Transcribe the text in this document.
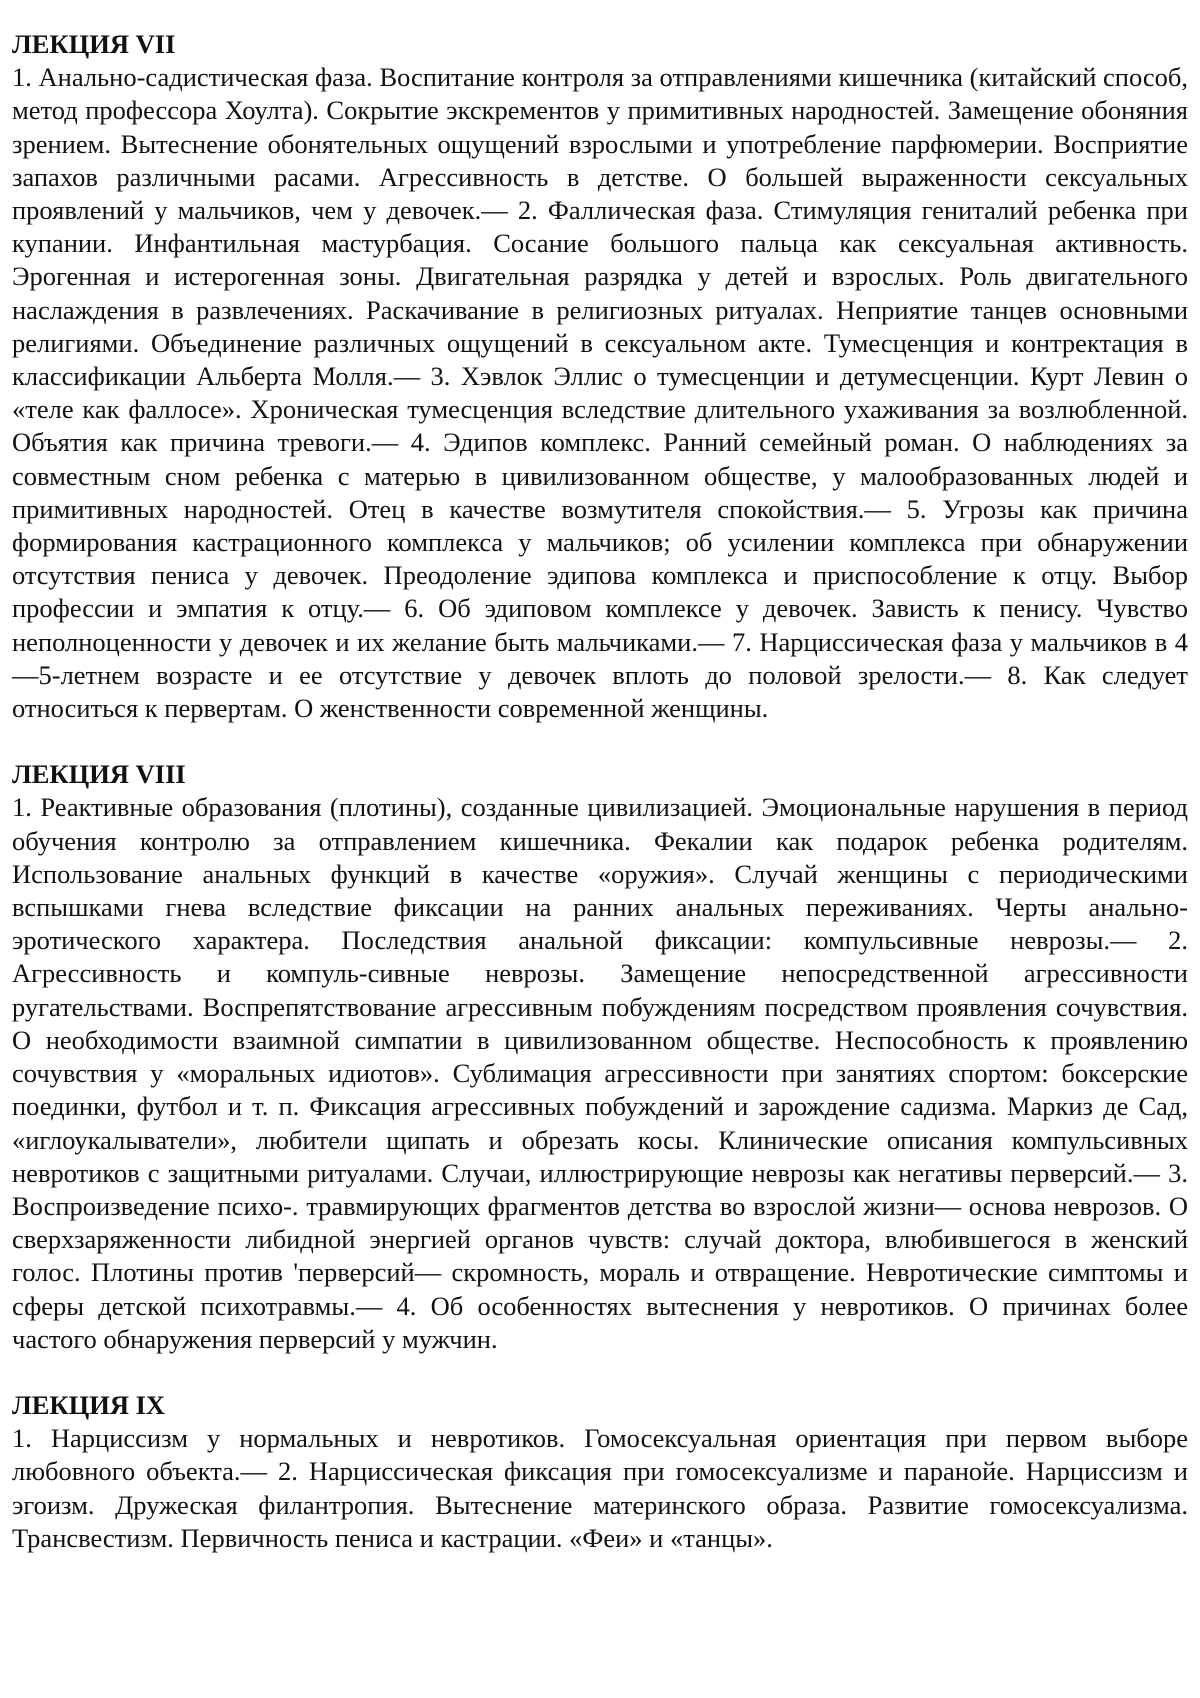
ЛЕКЦИЯ VII
1. Анально-садистическая фаза. Воспитание контроля за отправлениями кишечника (китайский способ, метод профессора Хоулта). Сокрытие экскрементов у примитивных народностей. Замещение обоняния зрением. Вытеснение обонятельных ощущений взрослыми и употребление парфюмерии. Восприятие запахов различными расами. Агрессивность в детстве. О большей выраженности сексуальных проявлений у мальчиков, чем у девочек.— 2. Фаллическая фаза. Стимуляция гениталий ребенка при купании. Инфантильная мастурбация. Сосание большого пальца как сексуальная активность. Эрогенная и истерогенная зоны. Двигательная разрядка у детей и взрослых. Роль двигательного наслаждения в развлечениях. Раскачивание в религиозных ритуалах. Неприятие танцев основными религиями. Объединение различных ощущений в сексуальном акте. Тумесценция и контректация в классификации Альберта Молля.— 3. Хэвлок Эллис о тумесценции и детумесценции. Курт Левин о «теле как фаллосе». Хроническая тумесценция вследствие длительного ухаживания за возлюбленной. Объятия как причина тревоги.— 4. Эдипов комплекс. Ранний семейный роман. О наблюдениях за совместным сном ребенка с матерью в цивилизованном обществе, у малообразованных людей и примитивных народностей. Отец в качестве возмутителя спокойствия.— 5. Угрозы как причина формирования кастрационного комплекса у мальчиков; об усилении комплекса при обнаружении отсутствия пениса у девочек. Преодоление эдипова комплекса и приспособление к отцу. Выбор профессии и эмпатия к отцу.— 6. Об эдиповом комплексе у девочек. Зависть к пенису. Чувство неполноценности у девочек и их желание быть мальчиками.— 7. Нарциссическая фаза у мальчиков в 4—5-летнем возрасте и ее отсутствие у девочек вплоть до половой зрелости.— 8. Как следует относиться к первертам. О женственности современной женщины.
ЛЕКЦИЯ VIII
1. Реактивные образования (плотины), созданные цивилизацией. Эмоциональные нарушения в период обучения контролю за отправлением кишечника. Фекалии как подарок ребенка родителям. Использование анальных функций в качестве «оружия». Случай женщины с периодическими вспышками гнева вследствие фиксации на ранних анальных переживаниях. Черты анально-эротического характера. Последствия анальной фиксации: компульсивные неврозы.— 2. Агрессивность и компуль-сивные неврозы. Замещение непосредственной агрессивности ругательствами. Воспрепятствование агрессивным побуждениям посредством проявления сочувствия. О необходимости взаимной симпатии в цивилизованном обществе. Неспособность к проявлению сочувствия у «моральных идиотов». Сублимация агрессивности при занятиях спортом: боксерские поединки, футбол и т. п. Фиксация агрессивных побуждений и зарождение садизма. Маркиз де Сад, «иглоукалыватели», любители щипать и обрезать косы. Клинические описания компульсивных невротиков с защитными ритуалами. Случаи, иллюстрирующие неврозы как негативы перверсий.— 3. Воспроизведение психо-. травмирующих фрагментов детства во взрослой жизни— основа неврозов. О сверхзаряженности либидной энергией органов чувств: случай доктора, влюбившегося в женский голос. Плотины против 'перверсий— скромность, мораль и отвращение. Невротические симптомы и сферы детской психотравмы.— 4. Об особенностях вытеснения у невротиков. О причинах более частого обнаружения перверсий у мужчин.
ЛЕКЦИЯ IX
1. Нарциссизм у нормальных и невротиков. Гомосексуальная ориентация при первом выборе любовного объекта.— 2. Нарциссическая фиксация при гомосексуализме и паранойе. Нарциссизм и эгоизм. Дружеская филантропия. Вытеснение материнского образа. Развитие гомосексуализма. Трансвестизм. Первичность пениса и кастрации. «Феи» и «танцы».
